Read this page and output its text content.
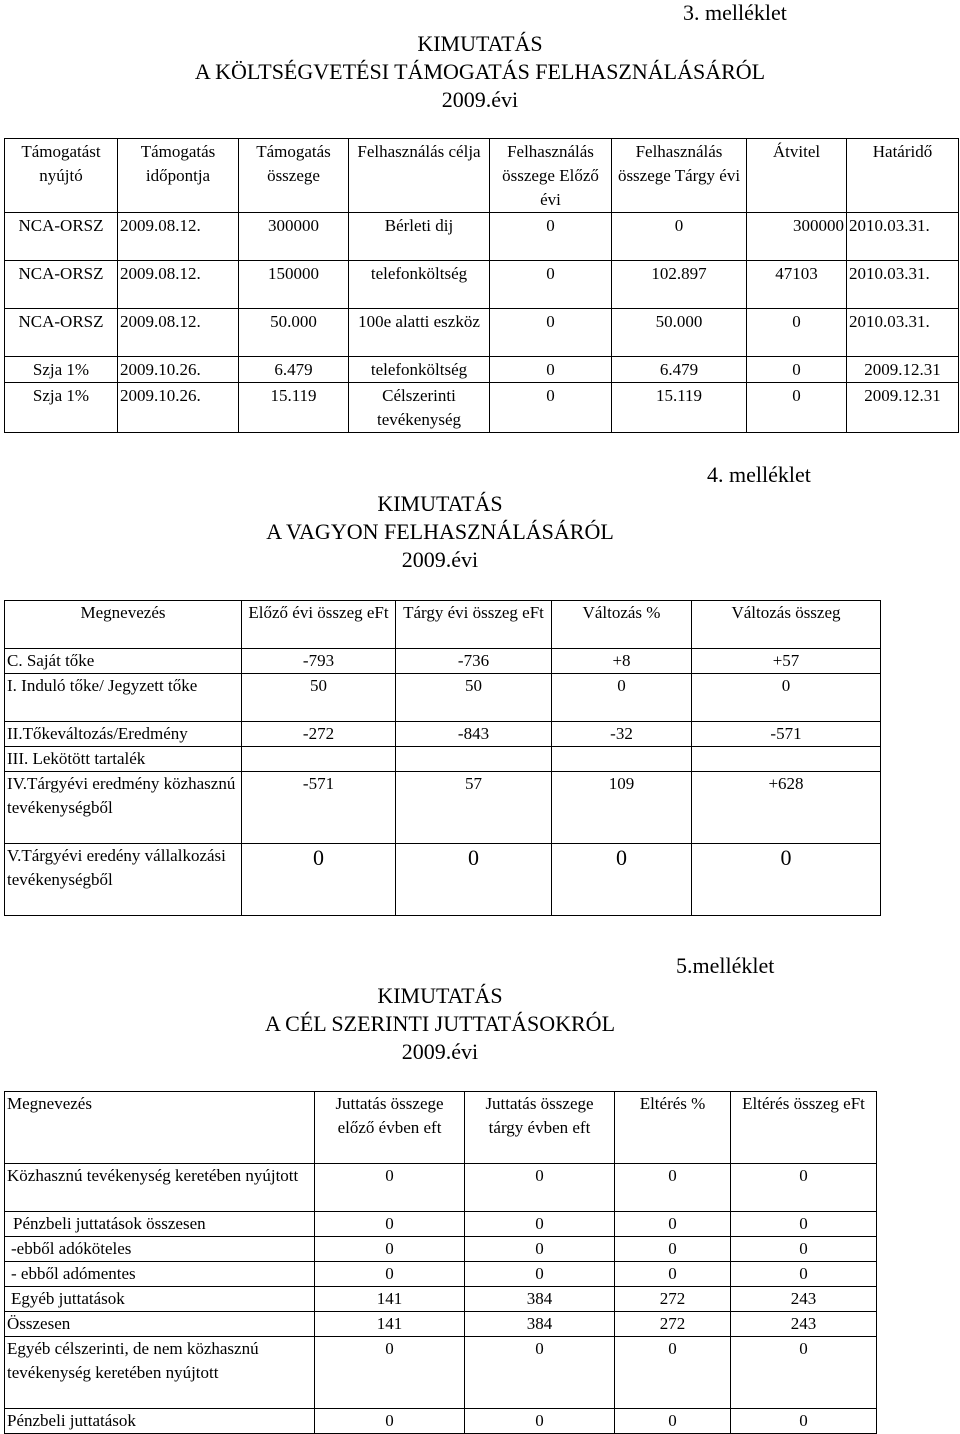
3. melléklet
KIMUTATÁS
A KÖLTSÉGVETÉSI TÁMOGATÁS FELHASZNÁLÁSÁRÓL
2009.évi
Támogatást nyújtó	Támogatás időpontja	Támogatás összege	Felhasználás célja	Felhasználás összege Előző évi	Felhasználás összege Tárgy évi	Átvitel	Határidő
NCA-ORSZ	2009.08.12.	300000	Bérleti dij	0	0	300000	2010.03.31.
NCA-ORSZ	2009.08.12.	150000	telefonköltség	0	102.897	47103	2010.03.31.
NCA-ORSZ	2009.08.12.	50.000	100e alatti eszköz	0	50.000	0	2010.03.31.
Szja 1%	2009.10.26.	6.479	telefonköltség	0	6.479	0	2009.12.31
Szja 1%	2009.10.26.	15.119	Célszerinti tevékenység	0	15.119	0	2009.12.31
4. melléklet
KIMUTATÁS
A VAGYON FELHASZNÁLÁSÁRÓL
2009.évi
Megnevezés	Előző évi összeg eFt	Tárgy évi összeg eFt	Változás %	Változás összeg
C. Saját tőke	-793	-736	+8	+57
I. Induló tőke/ Jegyzett tőke	50	50	0	0
II.Tőkeváltozás/Eredmény	-272	-843	-32	-571
III. Lekötött tartalék				
IV.Tárgyévi eredmény közhasznú tevékenységből	-571	57	109	+628
V.Tárgyévi eredény vállalkozási tevékenységből	0	0	0	0
5.melléklet
KIMUTATÁS
A CÉL SZERINTI JUTTATÁSOKRÓL
2009.évi
Megnevezés	Juttatás összege előző évben eft	Juttatás összege tárgy évben eft	Eltérés %	Eltérés összeg eFt
Közhasznú tevékenység keretében nyújtott	0	0	0	0
Pénzbeli juttatások összesen	0	0	0	0
-ebből adóköteles	0	0	0	0
- ebből adómentes	0	0	0	0
Egyéb juttatások	141	384	272	243
Összesen	141	384	272	243
Egyéb célszerinti, de nem közhasznú tevékenység keretében nyújtott	0	0	0	0
Pénzbeli juttatások	0	0	0	0
